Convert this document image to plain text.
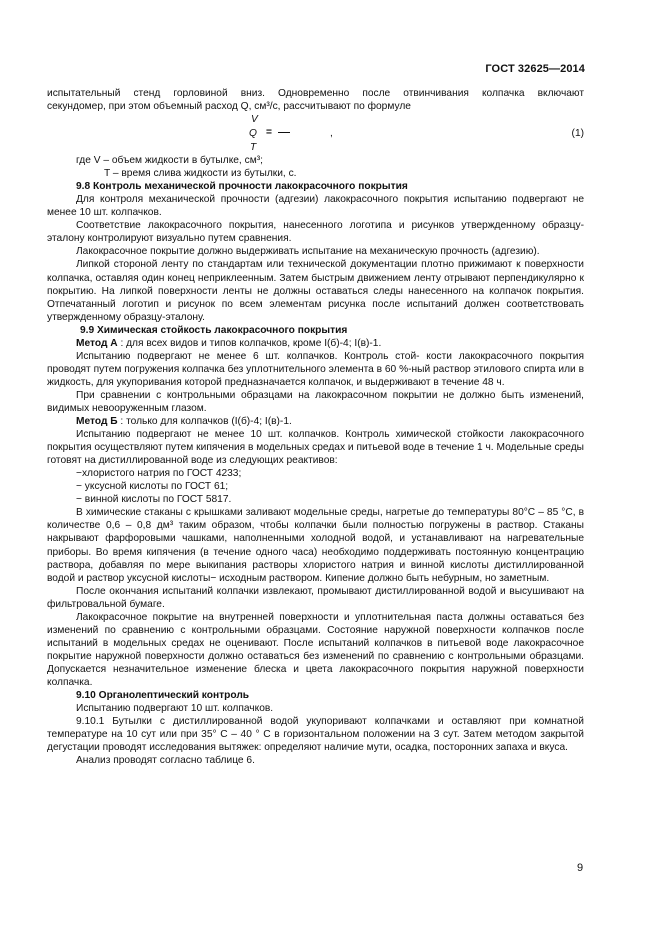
ГОСТ 32625—2014

испытательный стенд горловиной вниз. Одновременно после отвинчивания колпачка включают

секундомер, при этом объемный расход Q, см³/с, рассчитывают по формуле

V
Q =
T
,	(1)

где V – объем жидкости в бутылке, см³;

T – время слива жидкости из бутылки, с.

9.8 Контроль механической прочности лакокрасочного покрытия

Для контроля механической прочности (адгезии) лакокрасочного покрытия испытанию подвергают не менее 10 шт. колпачков.

Соответствие лакокрасочного покрытия, нанесенного логотипа и рисунков утвержденному образцу-эталону контролируют визуально путем сравнения.

Лакокрасочное покрытие должно выдерживать испытание на механическую прочность (адгезию).

Липкой стороной ленту по стандартам или технической документации плотно прижимают к поверхности колпачка, оставляя один конец неприклеенным. Затем быстрым движением ленту отрывают перпендикулярно к покрытию. На липкой поверхности ленты не должны оставаться следы нанесенного на колпачок покрытия. Отпечатанный логотип и рисунок по всем элементам рисунка после испытаний должен соответствовать утвержденному образцу-эталону.

9.9 Химическая стойкость лакокрасочного покрытия

Метод А : для всех видов и типов колпачков, кроме I(б)-4; I(в)-1.

Испытанию подвергают не менее 6 шт. колпачков. Контроль стой- кости лакокрасочного покрытия проводят путем погружения колпачка без уплотнительного элемента в 60 %-ный раствор этилового спирта или в жидкость, для укупоривания которой предназначается колпачок, и выдерживают в течение 48 ч.

При сравнении с контрольными образцами на лакокрасочном покрытии не должно быть изменений, видимых невооруженным глазом.

Метод Б : только для колпачков (I(б)-4; I(в)-1.

Испытанию подвергают не менее 10 шт. колпачков. Контроль химической стойкости лакокрасочного покрытия осуществляют путем кипячения в модельных средах и питьевой воде в течение 1 ч. Модельные среды готовят на дистиллированной воде из следующих реактивов:

−хлористого натрия по ГОСТ 4233;

− уксусной кислоты по ГОСТ 61;

− винной кислоты по ГОСТ 5817.

В химические стаканы с крышками заливают модельные среды, нагретые до температуры 80°С – 85 °С, в количестве 0,6 – 0,8 дм³ таким образом, чтобы колпачки были полностью погружены в раствор. Стаканы накрывают фарфоровыми чашками, наполненными холодной водой, и устанавливают на нагревательные приборы. Во время кипячения (в течение одного часа) необходимо поддерживать постоянную концентрацию раствора, добавляя по мере выкипания растворы хлористого натрия и винной кислоты дистиллированной водой и раствор уксусной кислоты− исходным раствором. Кипение должно быть небурным, но заметным.

После окончания испытаний колпачки извлекают, промывают дистиллированной водой и высушивают на фильтровальной бумаге.

Лакокрасочное покрытие на внутренней поверхности и уплотнительная паста должны оставаться без изменений по сравнению с контрольными образцами. Состояние наружной поверхности колпачков после испытаний в модельных средах не оценивают. После испытаний колпачков в питьевой воде лакокрасочное покрытие наружной поверхности должно оставаться без изменений по сравнению с контрольными образцами. Допускается незначительное изменение блеска и цвета лакокрасочного покрытия наружной поверхности колпачка.

9.10 Органолептический контроль

Испытанию подвергают 10 шт. колпачков.

9.10.1 Бутылки с дистиллированной водой укупоривают колпачками и оставляют при комнатной температуре на 10 сут или при 35° С – 40 ° С в горизонтальном положении на 3 сут. Затем методом закрытой дегустации проводят исследования вытяжек: определяют наличие мути, осадка, посторонних запаха и вкуса.

Анализ проводят согласно таблице 6.

9
